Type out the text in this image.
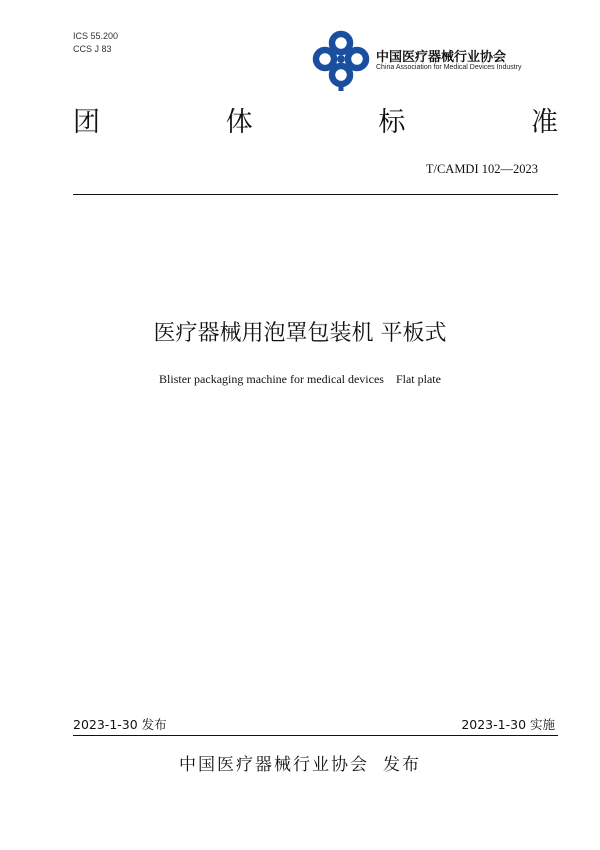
ICS 55.200
CCS J 83
中国医疗器械行业协会
China Association for Medical Devices Industry
团	体	标	准
T/CAMDI 102—2023
医疗器械用泡罩包装机 平板式
Blister packaging machine for medical devices    Flat plate
2023-1-30 发布	2023-1-30 实施
中国医疗器械行业协会 发布
